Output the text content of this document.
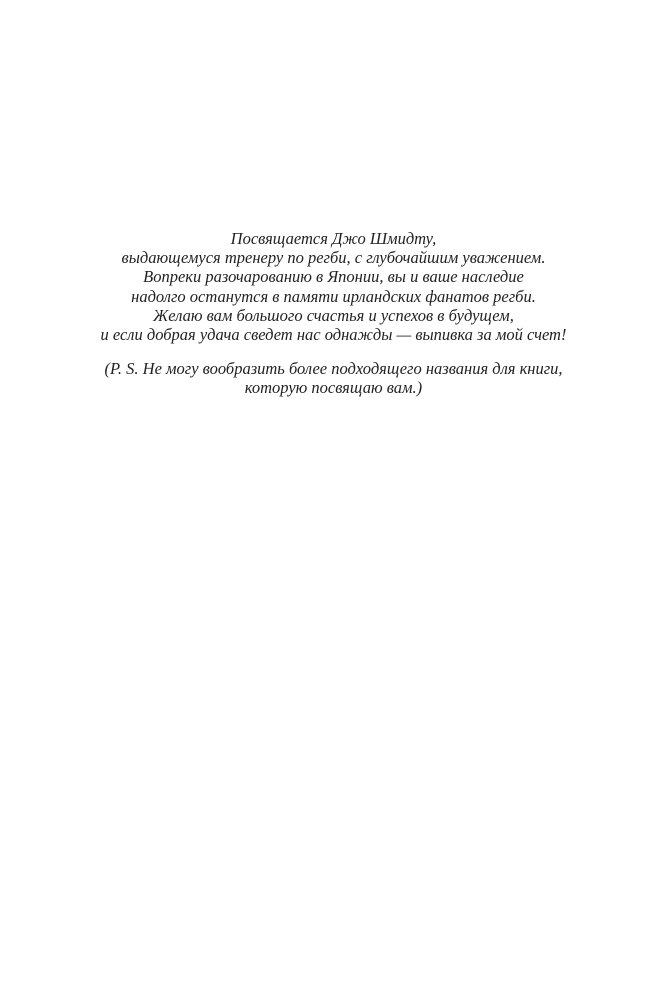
Посвящается Джо Шмидту,
выдающемуся тренеру по регби, с глубочайшим уважением.
Вопреки разочарованию в Японии, вы и ваше наследие
надолго останутся в памяти ирландских фанатов регби.
Желаю вам большого счастья и успехов в будущем,
и если добрая удача сведет нас однажды — выпивка за мой счет!
(P. S. Не могу вообразить более подходящего названия для книги,
которую посвящаю вам.)
